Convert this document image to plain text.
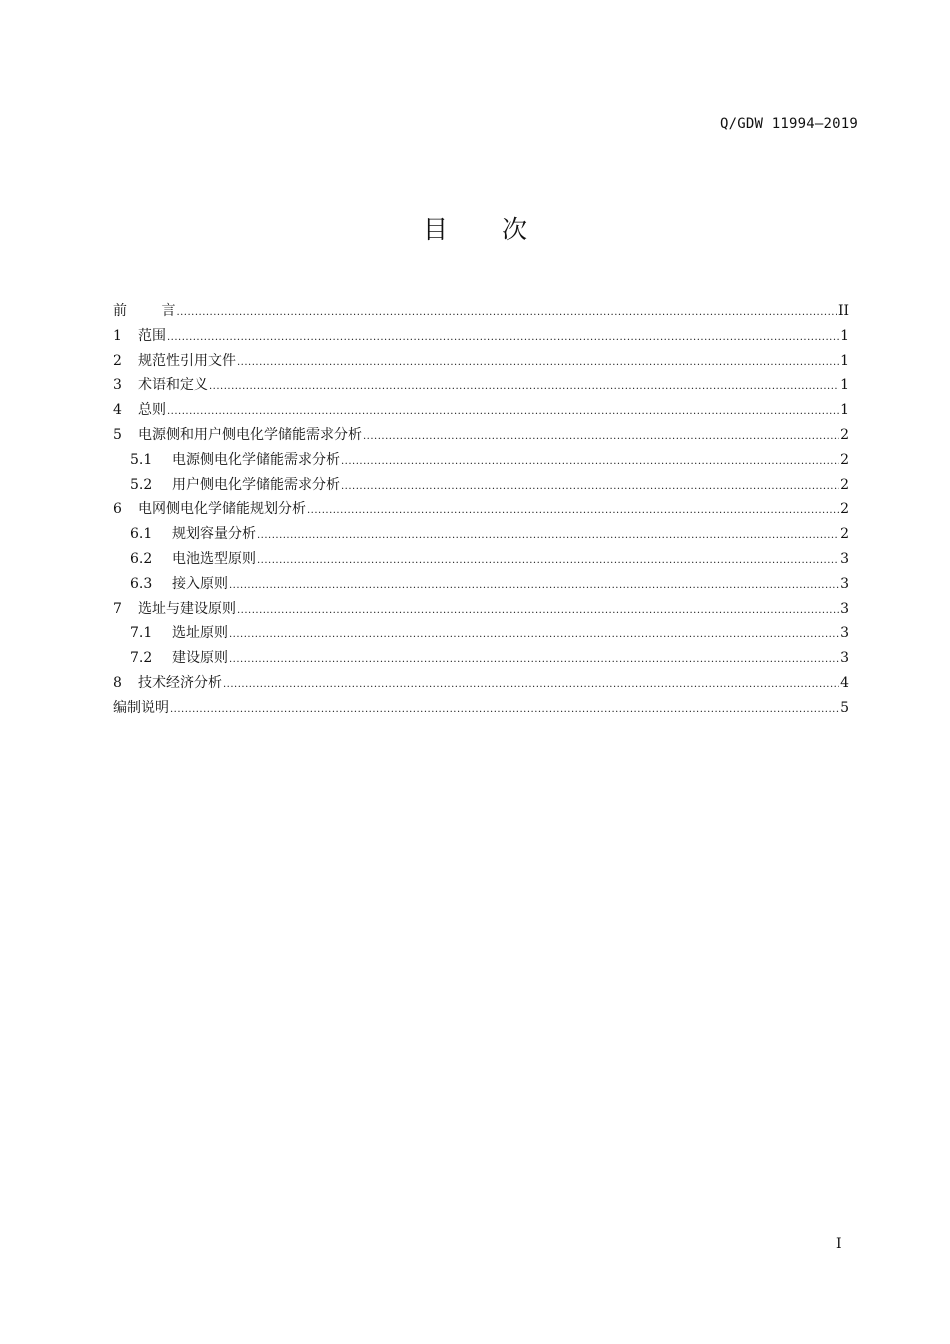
Q/GDW 11994—2019
目 次
前 言 .....	II
1	范围 .....	1
2	规范性引用文件 .....	1
3	术语和定义 .....	1
4	总则 .....	1
5	电源侧和用户侧电化学储能需求分析 .....	2
5.1	电源侧电化学储能需求分析 .....	2
5.2	用户侧电化学储能需求分析 .....	2
6	电网侧电化学储能规划分析 .....	2
6.1	规划容量分析 .....	2
6.2	电池选型原则 .....	3
6.3	接入原则 .....	3
7	选址与建设原则 .....	3
7.1	选址原则 .....	3
7.2	建设原则 .....	3
8	技术经济分析 .....	4
编制说明 .....	5
I
